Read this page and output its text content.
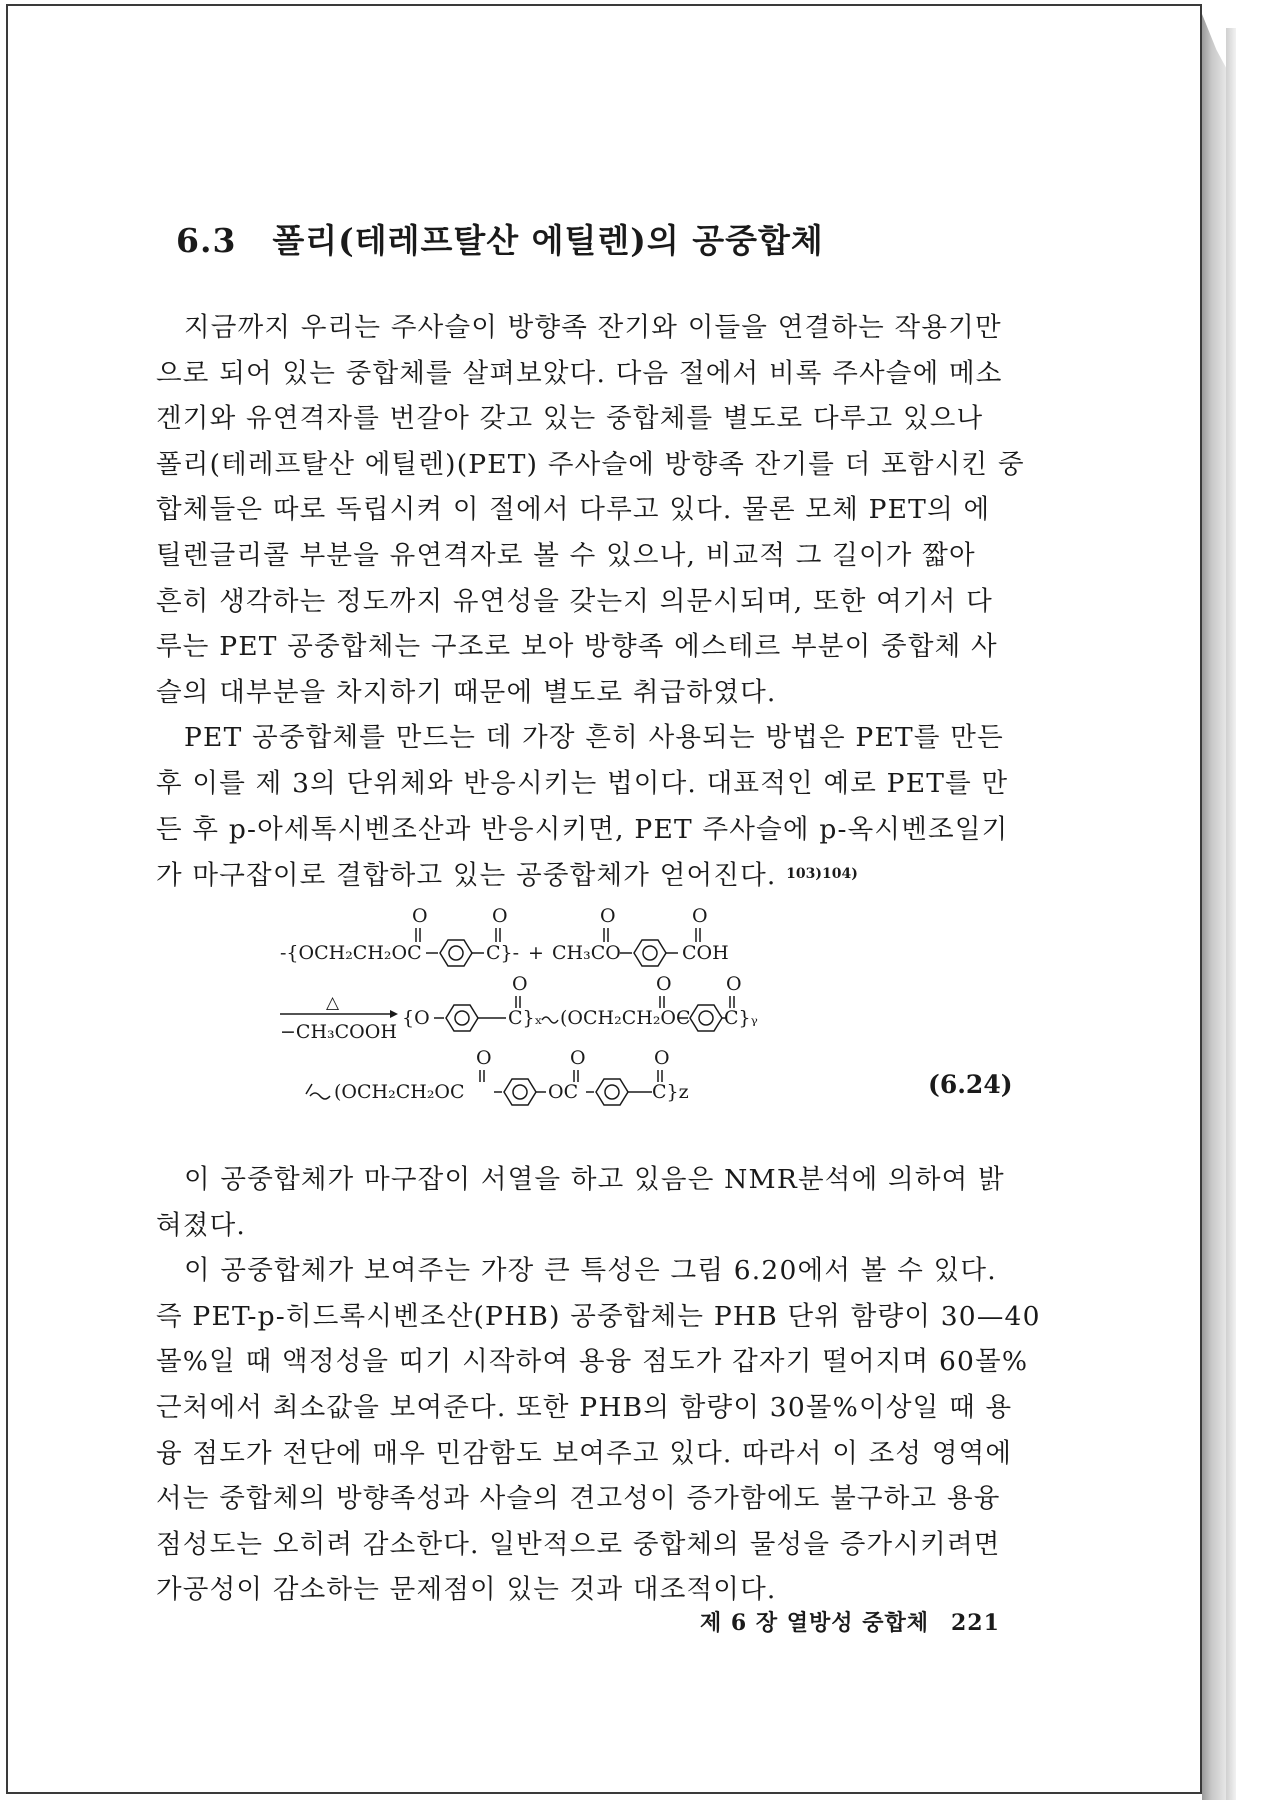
6.3 폴리(테레프탈산 에틸렌)의 공중합체

지금까지 우리는 주사슬이 방향족 잔기와 이들을 연결하는 작용기만
으로 되어 있는 중합체를 살펴보았다. 다음 절에서 비록 주사슬에 메소
겐기와 유연격자를 번갈아 갖고 있는 중합체를 별도로 다루고 있으나
폴리(테레프탈산 에틸렌)(PET) 주사슬에 방향족 잔기를 더 포함시킨 중
합체들은 따로 독립시켜 이 절에서 다루고 있다. 물론 모체 PET의 에
틸렌글리콜 부분을 유연격자로 볼 수 있으나, 비교적 그 길이가 짧아
흔히 생각하는 정도까지 유연성을 갖는지 의문시되며, 또한 여기서 다
루는 PET 공중합체는 구조로 보아 방향족 에스테르 부분이 중합체 사
슬의 대부분을 차지하기 때문에 별도로 취급하였다.

PET 공중합체를 만드는 데 가장 흔히 사용되는 방법은 PET를 만든
후 이를 제 3의 단위체와 반응시키는 법이다. 대표적인 예로 PET를 만
든 후 p-아세톡시벤조산과 반응시키면, PET 주사슬에 p-옥시벤조일기
가 마구잡이로 결합하고 있는 공중합체가 얻어진다. $^{103)104)}$

O	O	O	O
-{OCH₂CH₂OC	C}- + CH₃CO	COH
△
−CH₃COOH
O	O	O
{O	C}ₓ (OCH₂CH₂OC C}ᵧ
O	O	O
(OCH₂CH₂OC	OC	C}z	(6.24)

이 공중합체가 마구잡이 서열을 하고 있음은 NMR분석에 의하여 밝
혀졌다.

이 공중합체가 보여주는 가장 큰 특성은 그림 6.20에서 볼 수 있다.
즉 PET-p-히드록시벤조산(PHB) 공중합체는 PHB 단위 함량이 30—40
몰%일 때 액정성을 띠기 시작하여 용융 점도가 갑자기 떨어지며 60몰%
근처에서 최소값을 보여준다. 또한 PHB의 함량이 30몰%이상일 때 용
융 점도가 전단에 매우 민감함도 보여주고 있다. 따라서 이 조성 영역에
서는 중합체의 방향족성과 사슬의 견고성이 증가함에도 불구하고 용융
점성도는 오히려 감소한다. 일반적으로 중합체의 물성을 증가시키려면
가공성이 감소하는 문제점이 있는 것과 대조적이다.

제 6 장 열방성 중합체 221
